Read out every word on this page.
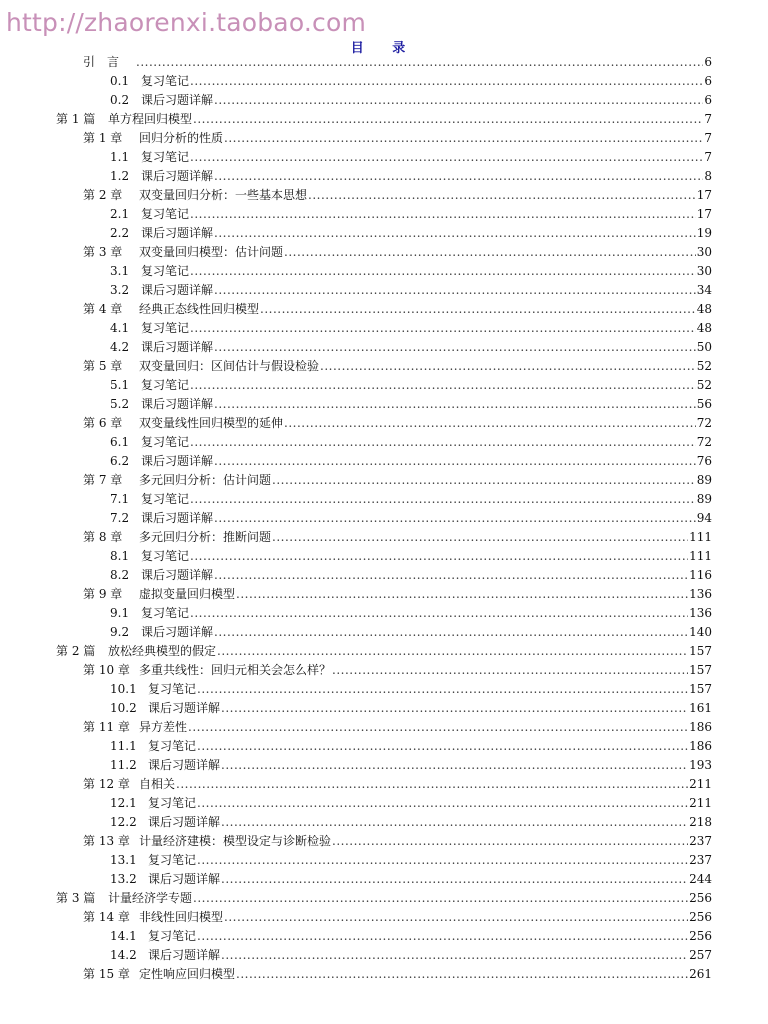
http://zhaorenxi.taobao.com
目 录
引　言 .....	6
0.1 复习笔记 .....	6
0.2 课后习题详解 .....	6
第 1 篇	单方程回归模型 .....	7
第 1 章	回归分析的性质 .....	7
1.1 复习笔记 .....	7
1.2 课后习题详解 .....	8
第 2 章	双变量回归分析：一些基本思想 .....	17
2.1 复习笔记 .....	17
2.2 课后习题详解 .....	19
第 3 章	双变量回归模型：估计问题 .....	30
3.1 复习笔记 .....	30
3.2 课后习题详解 .....	34
第 4 章	经典正态线性回归模型 .....	48
4.1 复习笔记 .....	48
4.2 课后习题详解 .....	50
第 5 章	双变量回归：区间估计与假设检验 .....	52
5.1 复习笔记 .....	52
5.2 课后习题详解 .....	56
第 6 章	双变量线性回归模型的延伸 .....	72
6.1 复习笔记 .....	72
6.2 课后习题详解 .....	76
第 7 章	多元回归分析：估计问题 .....	89
7.1 复习笔记 .....	89
7.2 课后习题详解 .....	94
第 8 章	多元回归分析：推断问题 .....	111
8.1 复习笔记 .....	111
8.2 课后习题详解 .....	116
第 9 章	虚拟变量回归模型 .....	136
9.1 复习笔记 .....	136
9.2 课后习题详解 .....	140
第 2 篇	放松经典模型的假定 .....	157
第 10 章 多重共线性：回归元相关会怎么样？ .....	157
10.1 复习笔记 .....	157
10.2 课后习题详解 .....	161
第 11 章 异方差性 .....	186
11.1 复习笔记 .....	186
11.2 课后习题详解 .....	193
第 12 章 自相关 .....	211
12.1 复习笔记 .....	211
12.2 课后习题详解 .....	218
第 13 章 计量经济建模：模型设定与诊断检验 .....	237
13.1 复习笔记 .....	237
13.2 课后习题详解 .....	244
第 3 篇	计量经济学专题 .....	256
第 14 章 非线性回归模型 .....	256
14.1 复习笔记 .....	256
14.2 课后习题详解 .....	257
第 15 章 定性响应回归模型 .....	261
